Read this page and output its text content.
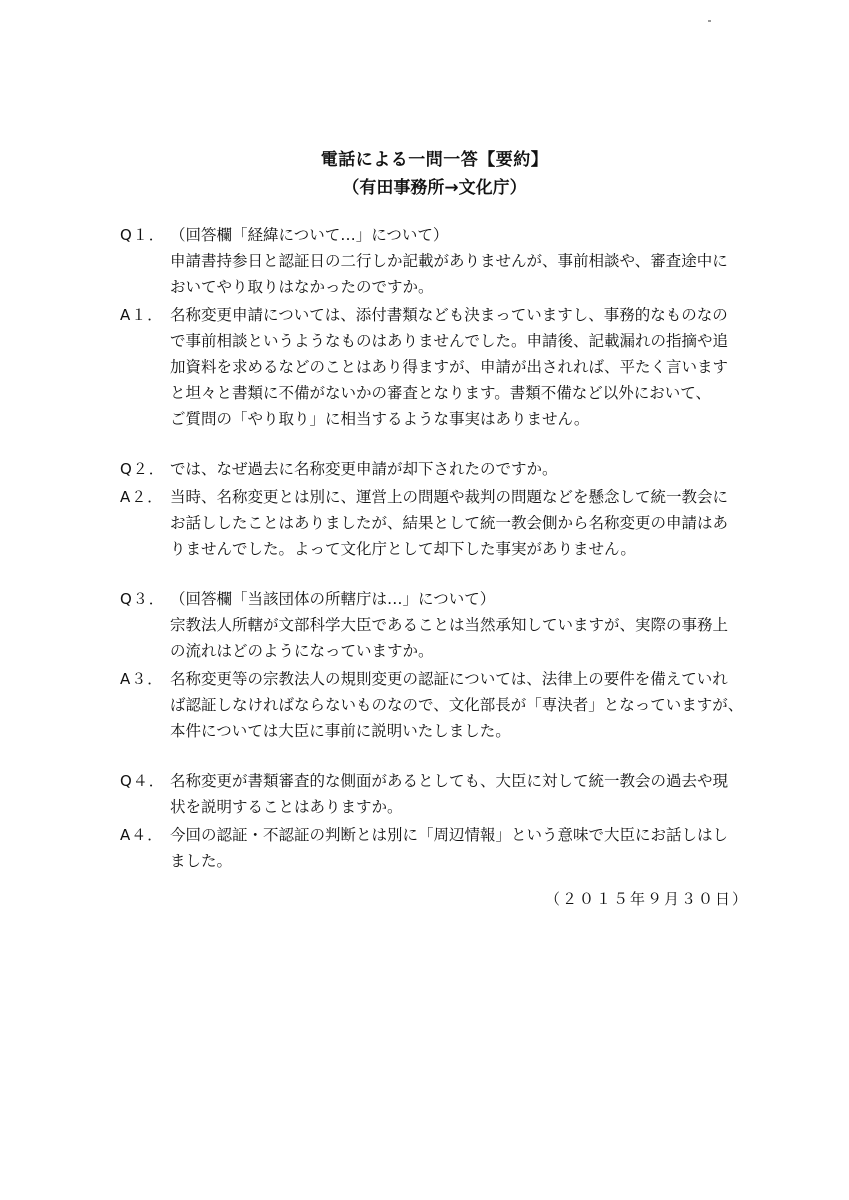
電話による一問一答【要約】
（有田事務所→文化庁）
Q１． （回答欄「経緯について…」について）
申請書持参日と認証日の二行しか記載がありませんが、事前相談や、審査途中に
おいてやり取りはなかったのですか。
A１． 名称変更申請については、添付書類なども決まっていますし、事務的なものなの
で事前相談というようなものはありませんでした。申請後、記載漏れの指摘や追
加資料を求めるなどのことはあり得ますが、申請が出されれば、平たく言います
と坦々と書類に不備がないかの審査となります。書類不備など以外において、
ご質問の「やり取り」に相当するような事実はありません。
Q２． では、なぜ過去に名称変更申請が却下されたのですか。
A２． 当時、名称変更とは別に、運営上の問題や裁判の問題などを懸念して統一教会に
お話ししたことはありましたが、結果として統一教会側から名称変更の申請はあ
りませんでした。よって文化庁として却下した事実がありません。
Q３． （回答欄「当該団体の所轄庁は…」について）
宗教法人所轄が文部科学大臣であることは当然承知していますが、実際の事務上
の流れはどのようになっていますか。
A３． 名称変更等の宗教法人の規則変更の認証については、法律上の要件を備えていれ
ば認証しなければならないものなので、文化部長が「専決者」となっていますが、
本件については大臣に事前に説明いたしました。
Q４． 名称変更が書類審査的な側面があるとしても、大臣に対して統一教会の過去や現
状を説明することはありますか。
A４． 今回の認証・不認証の判断とは別に「周辺情報」という意味で大臣にお話しはし
ました。
（２０１５年９月３０日）
